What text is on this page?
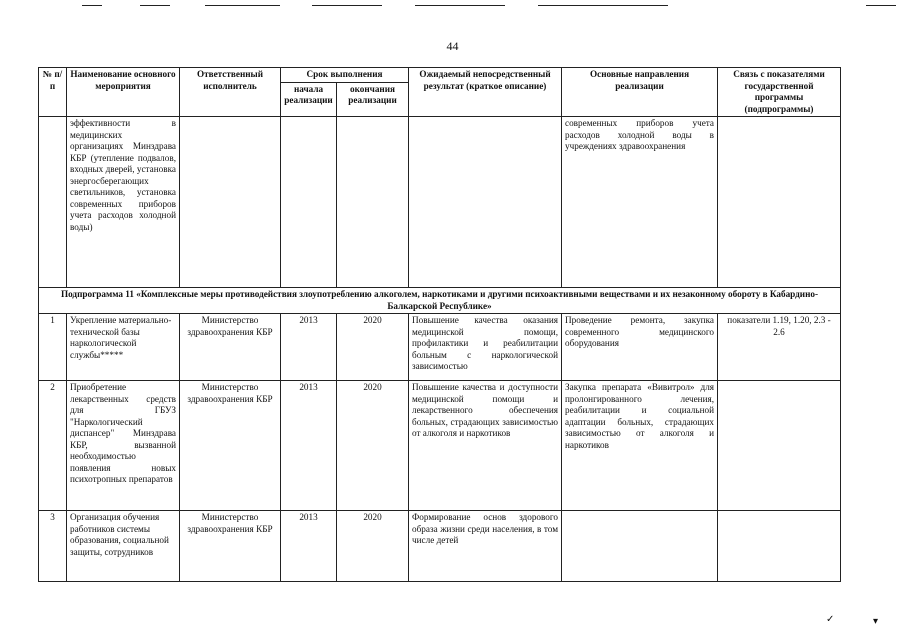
44
№ п/п	Наименование основного мероприятия	Ответственный исполнитель	Срок выполнения		Ожидаемый непосредственный результат (краткое описание)	Основные направления реализации	Связь с показателями государственной программы (подпрограммы)
			начала реализации	окончания реализации			
	эффективности в медицинских организациях Минздрава КБР (утепление подвалов, входных дверей, установка энергосберегающих светильников, установка современных приборов учета расходов холодной воды)					современных приборов учета расходов холодной воды в учреждениях здравоохранения	
Подпрограмма 11 «Комплексные меры противодействия злоупотреблению алкоголем, наркотиками и другими психоактивными веществами и их незаконному обороту в Кабардино-Балкарской Республике»							
1	Укрепление материально-технической базы наркологической службы*****	Министерство здравоохранения КБР	2013	2020	Повышение качества оказания медицинской помощи, профилактики и реабилитации больным с наркологической зависимостью	Проведение ремонта, закупка современного медицинского оборудования	показатели 1.19, 1.20, 2.3 - 2.6
2	Приобретение лекарственных средств для ГБУЗ "Наркологический диспансер" Минздрава КБР, вызванной необходимостью появления новых психотропных препаратов	Министерство здравоохранения КБР	2013	2020	Повышение качества и доступности медицинской помощи и лекарственного обеспечения больных, страдающих зависимостью от алкоголя и наркотиков	Закупка препарата «Вивитрол» для пролонгированного лечения, реабилитации и социальной адаптации больных, страдающих зависимостью от алкоголя и наркотиков	
3	Организация обучения работников системы образования, социальной защиты, сотрудников	Министерство здравоохранения КБР	2013	2020	Формирование основ здорового образа жизни среди населения, в том числе детей		
✓	▾
